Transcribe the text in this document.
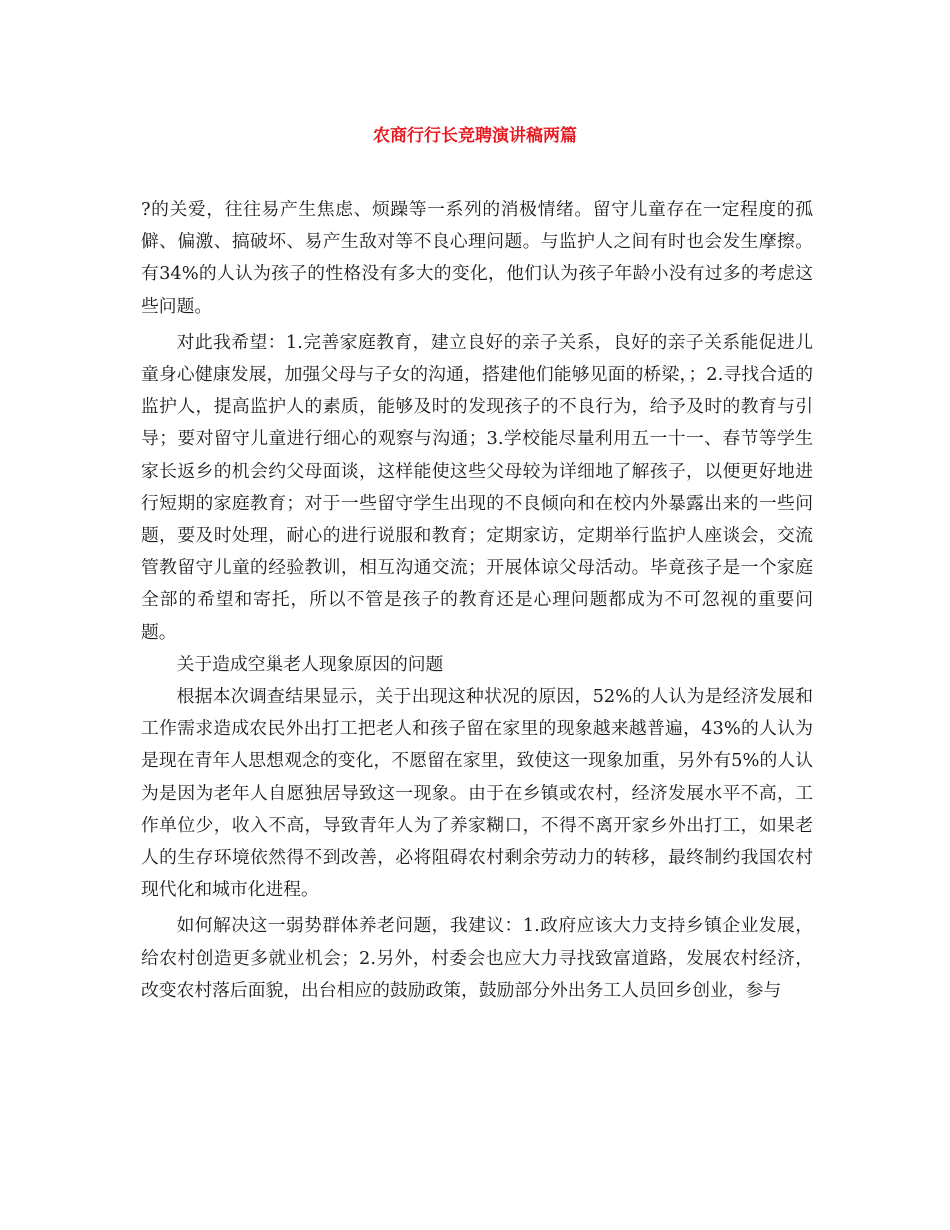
农商行行长竞聘演讲稿两篇

?的关爱，往往易产生焦虑、烦躁等一系列的消极情绪。留守儿童存在一定程度的孤僻、偏激、搞破坏、易产生敌对等不良心理问题。与监护人之间有时也会发生摩擦。有34%的人认为孩子的性格没有多大的变化，他们认为孩子年龄小没有过多的考虑这些问题。

对此我希望：1.完善家庭教育，建立良好的亲子关系，良好的亲子关系能促进儿童身心健康发展，加强父母与子女的沟通，搭建他们能够见面的桥梁，；2.寻找合适的监护人，提高监护人的素质，能够及时的发现孩子的不良行为，给予及时的教育与引导；要对留守儿童进行细心的观察与沟通；3.学校能尽量利用五一十一、春节等学生家长返乡的机会约父母面谈，这样能使这些父母较为详细地了解孩子，以便更好地进行短期的家庭教育；对于一些留守学生出现的不良倾向和在校内外暴露出来的一些问题，要及时处理，耐心的进行说服和教育；定期家访，定期举行监护人座谈会，交流管教留守儿童的经验教训，相互沟通交流；开展体谅父母活动。毕竟孩子是一个家庭全部的希望和寄托，所以不管是孩子的教育还是心理问题都成为不可忽视的重要问题。

关于造成空巢老人现象原因的问题

根据本次调查结果显示，关于出现这种状况的原因，52%的人认为是经济发展和工作需求造成农民外出打工把老人和孩子留在家里的现象越来越普遍，43%的人认为是现在青年人思想观念的变化，不愿留在家里，致使这一现象加重，另外有5%的人认为是因为老年人自愿独居导致这一现象。由于在乡镇或农村，经济发展水平不高，工作单位少，收入不高，导致青年人为了养家糊口，不得不离开家乡外出打工，如果老人的生存环境依然得不到改善，必将阻碍农村剩余劳动力的转移，最终制约我国农村现代化和城市化进程。

如何解决这一弱势群体养老问题，我建议：1.政府应该大力支持乡镇企业发展，给农村创造更多就业机会；2.另外，村委会也应大力寻找致富道路，发展农村经济，改变农村落后面貌，出台相应的鼓励政策，鼓励部分外出务工人员回乡创业，参与
